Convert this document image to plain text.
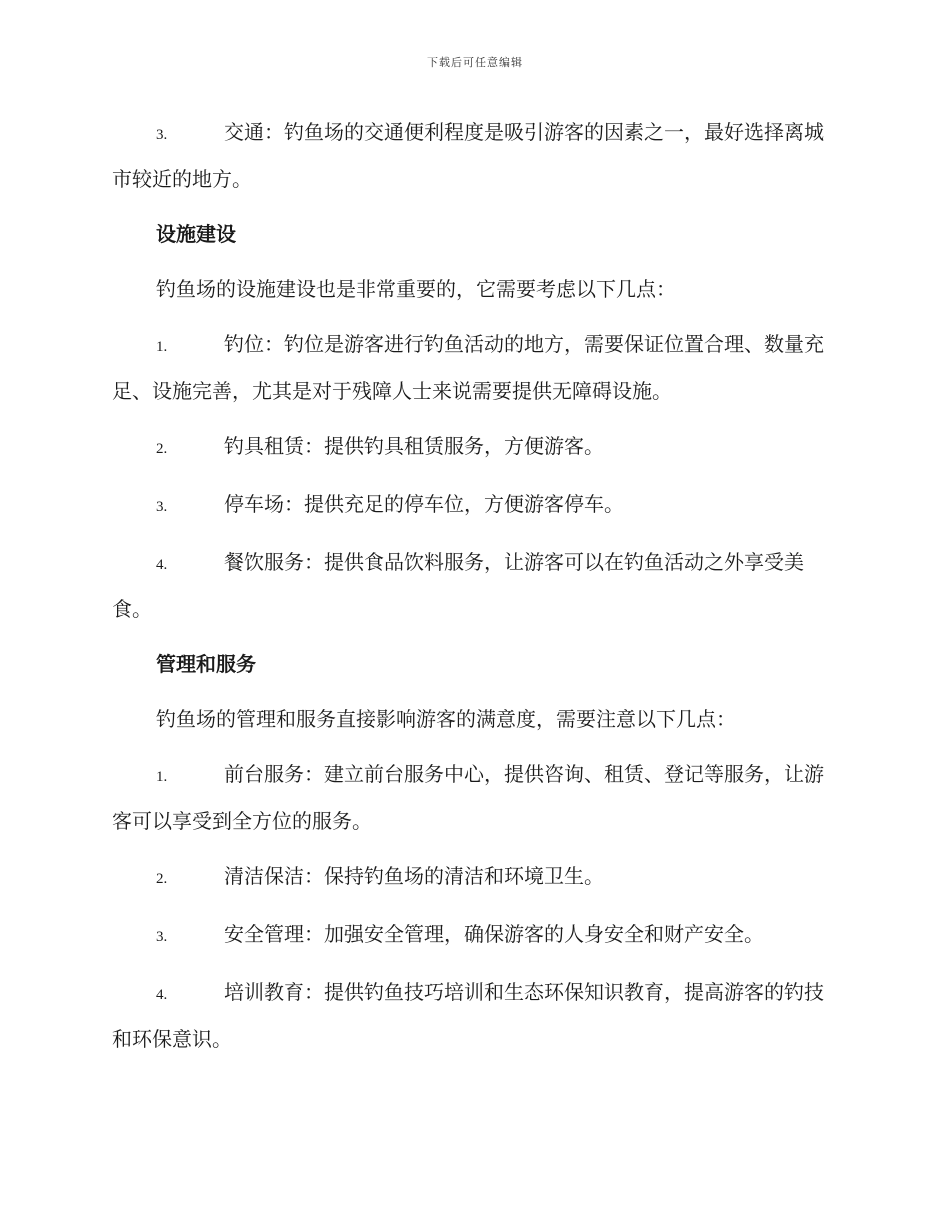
下载后可任意编辑

3.	交通：钓鱼场的交通便利程度是吸引游客的因素之一，最好选择离城市较近的地方。

设施建设

钓鱼场的设施建设也是非常重要的，它需要考虑以下几点：

1.	钓位：钓位是游客进行钓鱼活动的地方，需要保证位置合理、数量充足、设施完善，尤其是对于残障人士来说需要提供无障碍设施。

2.	钓具租赁：提供钓具租赁服务，方便游客。

3.	停车场：提供充足的停车位，方便游客停车。

4.	餐饮服务：提供食品饮料服务，让游客可以在钓鱼活动之外享受美食。

管理和服务

钓鱼场的管理和服务直接影响游客的满意度，需要注意以下几点：

1.	前台服务：建立前台服务中心，提供咨询、租赁、登记等服务，让游客可以享受到全方位的服务。

2.	清洁保洁：保持钓鱼场的清洁和环境卫生。

3.	安全管理：加强安全管理，确保游客的人身安全和财产安全。

4.	培训教育：提供钓鱼技巧培训和生态环保知识教育，提高游客的钓技和环保意识。
